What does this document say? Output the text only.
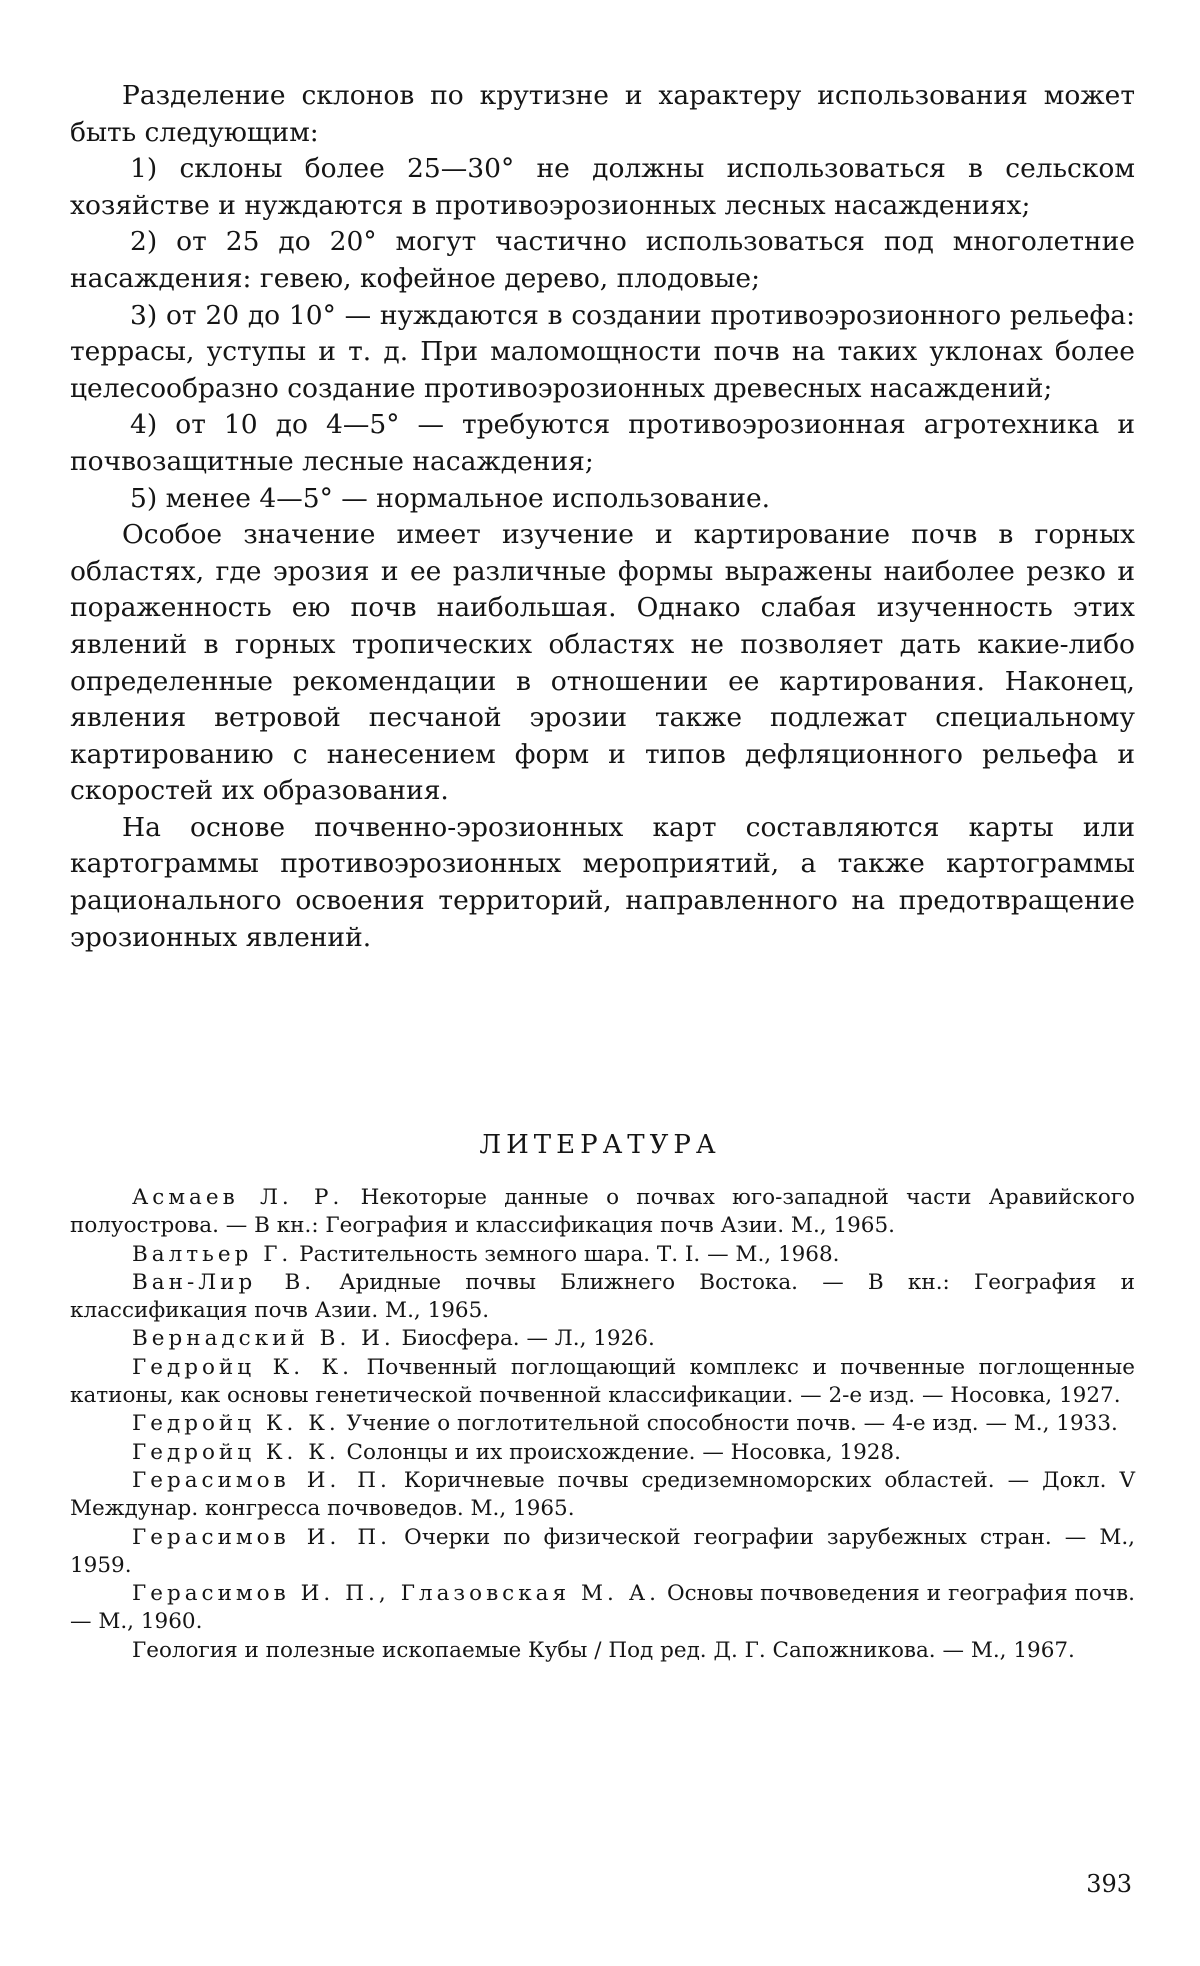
Разделение склонов по крутизне и характеру использования может быть следующим:

1) склоны более 25—30° не должны использоваться в сельском хозяйстве и нуждаются в противоэрозионных лесных насаждениях;

2) от 25 до 20° могут частично использоваться под многолетние насаждения: гевею, кофейное дерево, плодовые;

3) от 20 до 10° — нуждаются в создании противоэрозионного рельефа: террасы, уступы и т. д. При маломощности почв на таких уклонах более целесообразно создание противоэрозионных древесных насаждений;

4) от 10 до 4—5° — требуются противоэрозионная агротехника и почвозащитные лесные насаждения;

5) менее 4—5° — нормальное использование.

Особое значение имеет изучение и картирование почв в горных областях, где эрозия и ее различные формы выражены наиболее резко и пораженность ею почв наибольшая. Однако слабая изученность этих явлений в горных тропических областях не позволяет дать какие-либо определенные рекомендации в отношении ее картирования. Наконец, явления ветровой песчаной эрозии также подлежат специальному картированию с нанесением форм и типов дефляционного рельефа и скоростей их образования.

На основе почвенно-эрозионных карт составляются карты или картограммы противоэрозионных мероприятий, а также картограммы рационального освоения территорий, направленного на предотвращение эрозионных явлений.

ЛИТЕРАТУРА

Асмаев Л. Р. Некоторые данные о почвах юго-западной части Аравийского полуострова. — В кн.: География и классификация почв Азии. М., 1965.

Валтьер Г. Растительность земного шара. Т. I. — М., 1968.

Ван-Лир В. Аридные почвы Ближнего Востока. — В кн.: География и классификация почв Азии. М., 1965.

Вернадский В. И. Биосфера. — Л., 1926.

Гедройц К. К. Почвенный поглощающий комплекс и почвенные поглощенные катионы, как основы генетической почвенной классификации. — 2-е изд. — Носовка, 1927.

Гедройц К. К. Учение о поглотительной способности почв. — 4-е изд. — М., 1933.

Гедройц К. К. Солонцы и их происхождение. — Носовка, 1928.

Герасимов И. П. Коричневые почвы средиземноморских областей. — Докл. V Междунар. конгресса почвоведов. М., 1965.

Герасимов И. П. Очерки по физической географии зарубежных стран. — М., 1959.

Герасимов И. П., Глазовская М. А. Основы почвоведения и география почв. — М., 1960.

Геология и полезные ископаемые Кубы / Под ред. Д. Г. Сапожникова. — М., 1967.

393
